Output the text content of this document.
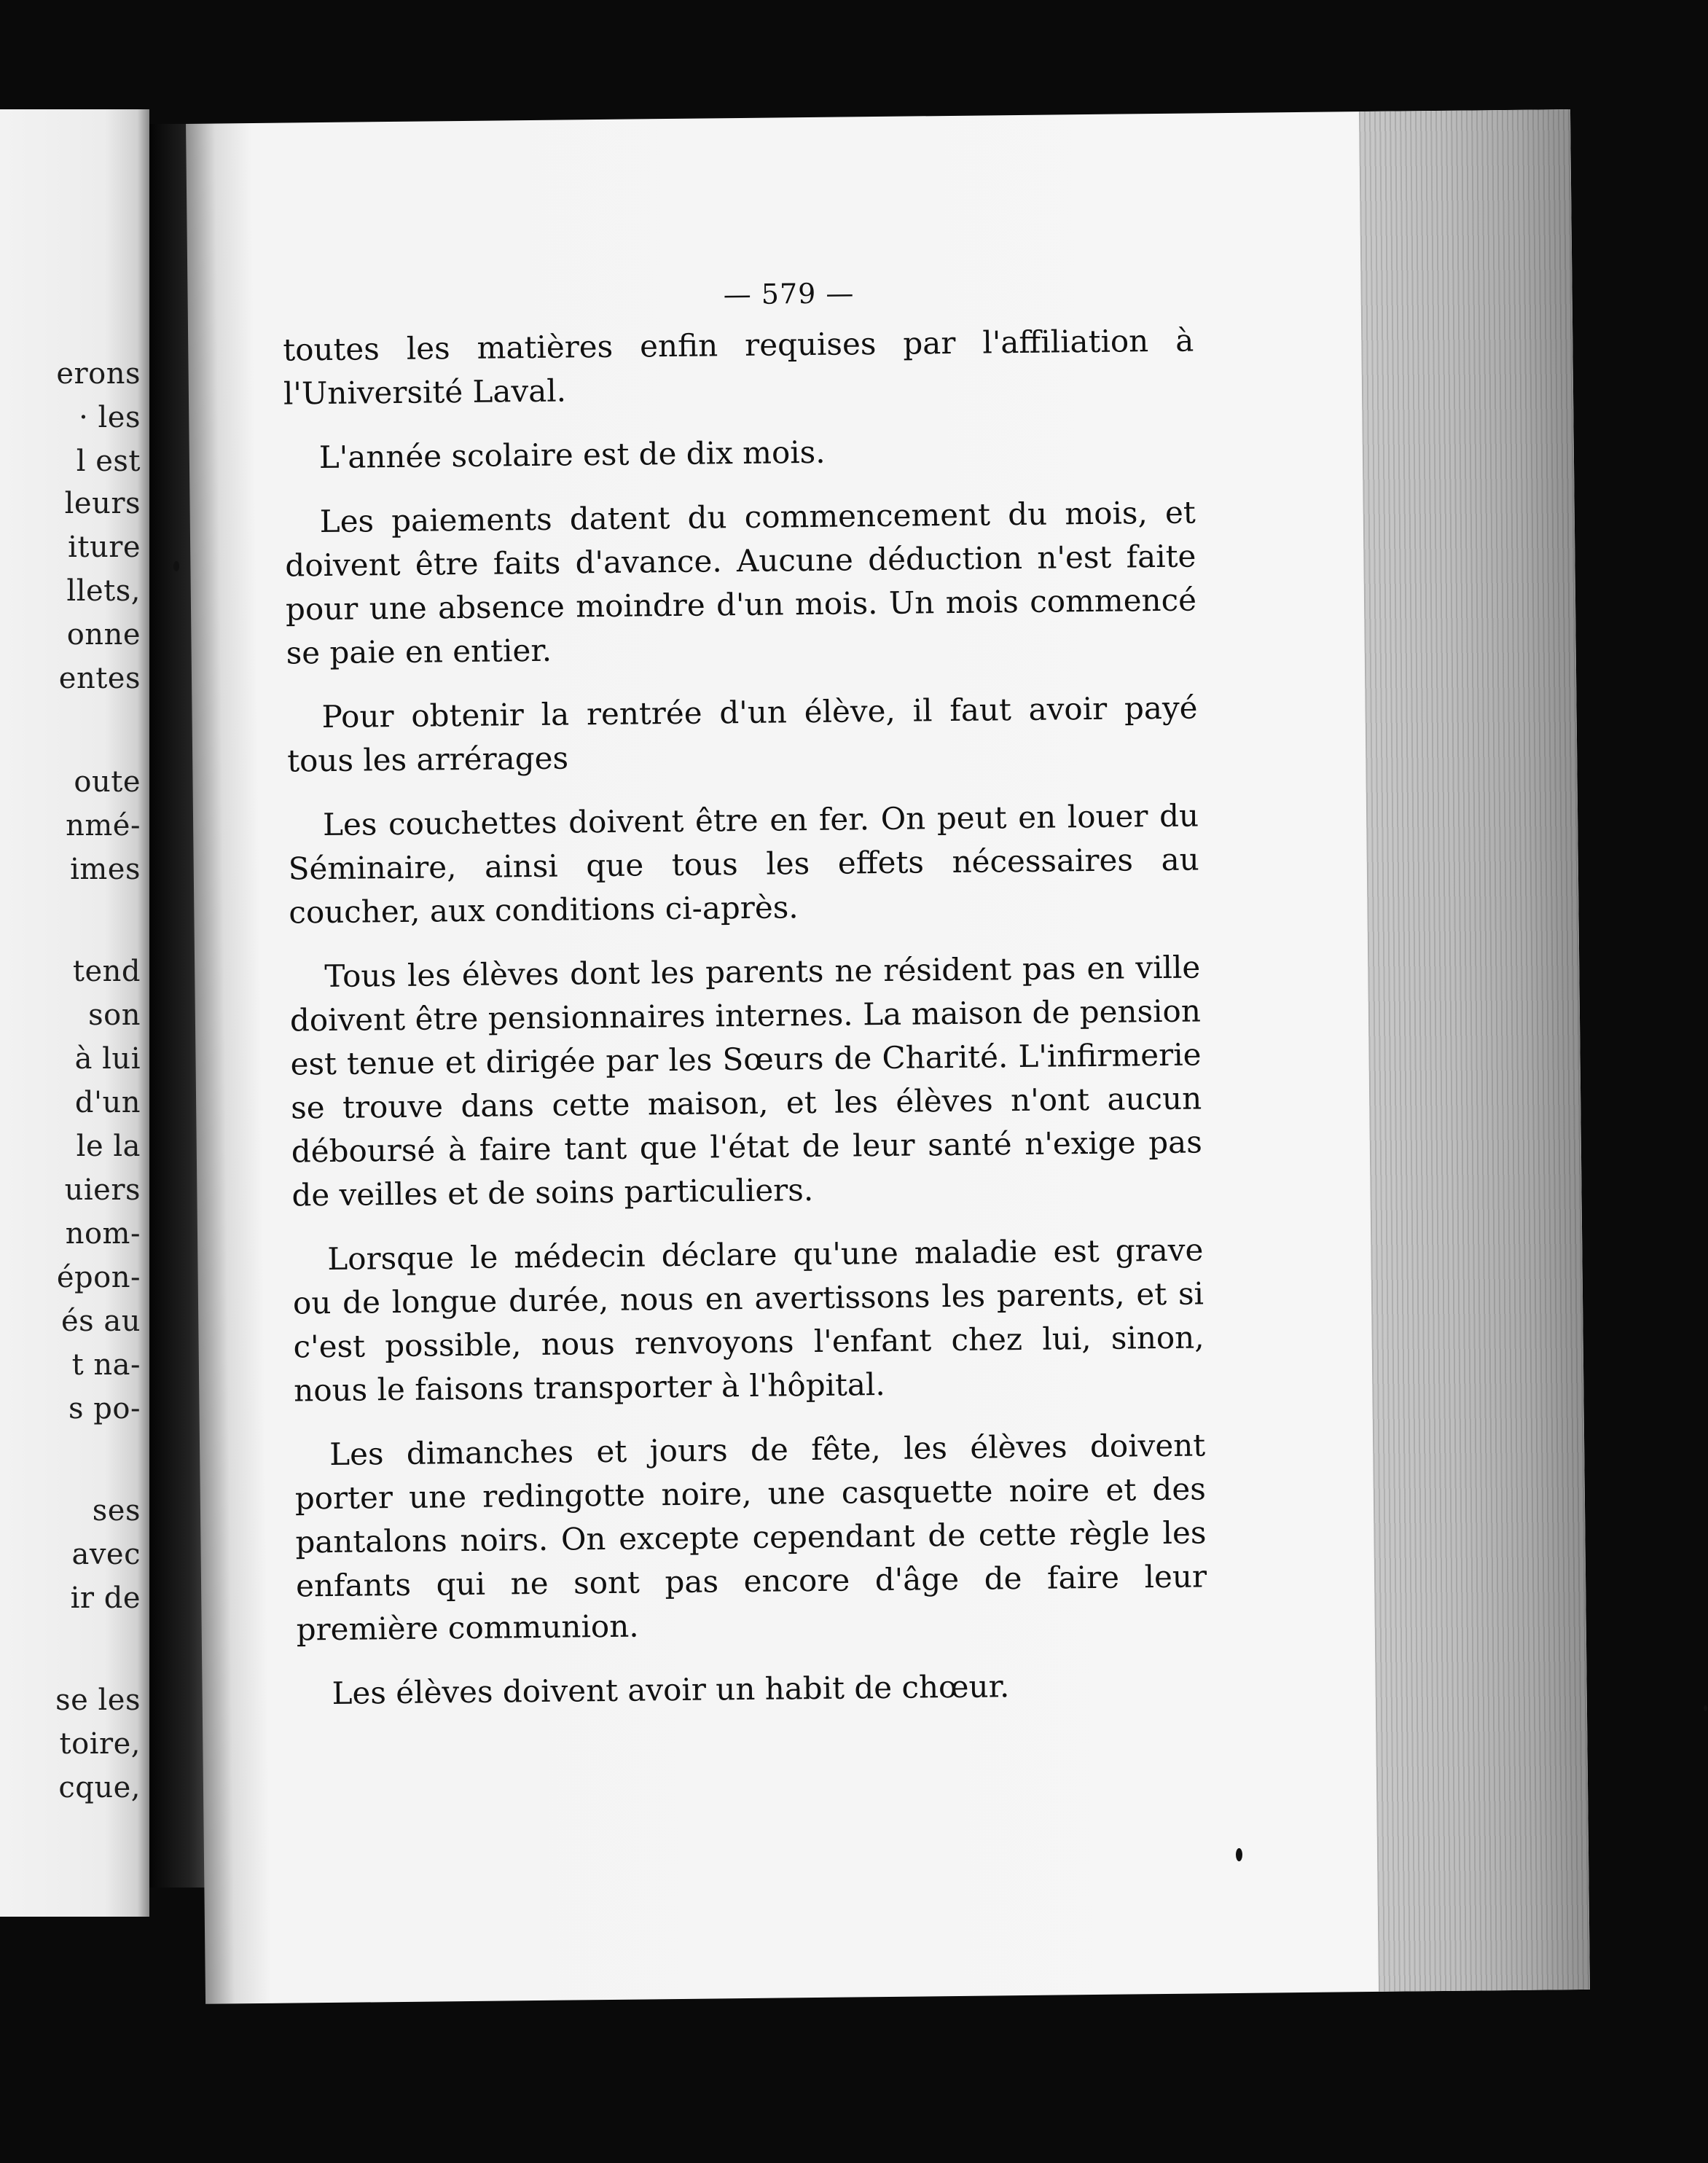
erons

· les

l est

leurs

iture

llets,

onne

entes

oute

nmé-

imes

tend

son

à lui

d'un

le la

uiers

nom-

épon-

és au

t na-

s po-

ses

avec

ir de

se les

toire,

cque,

— 579 —

toutes les matières enfin requises par l'affiliation à l'Université Laval.

L'année scolaire est de dix mois.

Les paiements datent du commencement du mois, et doivent être faits d'avance. Aucune déduction n'est faite pour une absence moindre d'un mois. Un mois commencé se paie en entier.

Pour obtenir la rentrée d'un élève, il faut avoir payé tous les arrérages

Les couchettes doivent être en fer. On peut en louer du Séminaire, ainsi que tous les effets nécessaires au coucher, aux conditions ci-après.

Tous les élèves dont les parents ne résident pas en ville doivent être pensionnaires internes. La maison de pension est tenue et dirigée par les Sœurs de Charité. L'infirmerie se trouve dans cette maison, et les élèves n'ont aucun déboursé à faire tant que l'état de leur santé n'exige pas de veilles et de soins particuliers.

Lorsque le médecin déclare qu'une maladie est grave ou de longue durée, nous en avertissons les parents, et si c'est possible, nous renvoyons l'enfant chez lui, sinon, nous le faisons transporter à l'hôpital.

Les dimanches et jours de fête, les élèves doivent porter une redingotte noire, une casquette noire et des pantalons noirs. On excepte cependant de cette règle les enfants qui ne sont pas encore d'âge de faire leur première communion.

Les élèves doivent avoir un habit de chœur.
